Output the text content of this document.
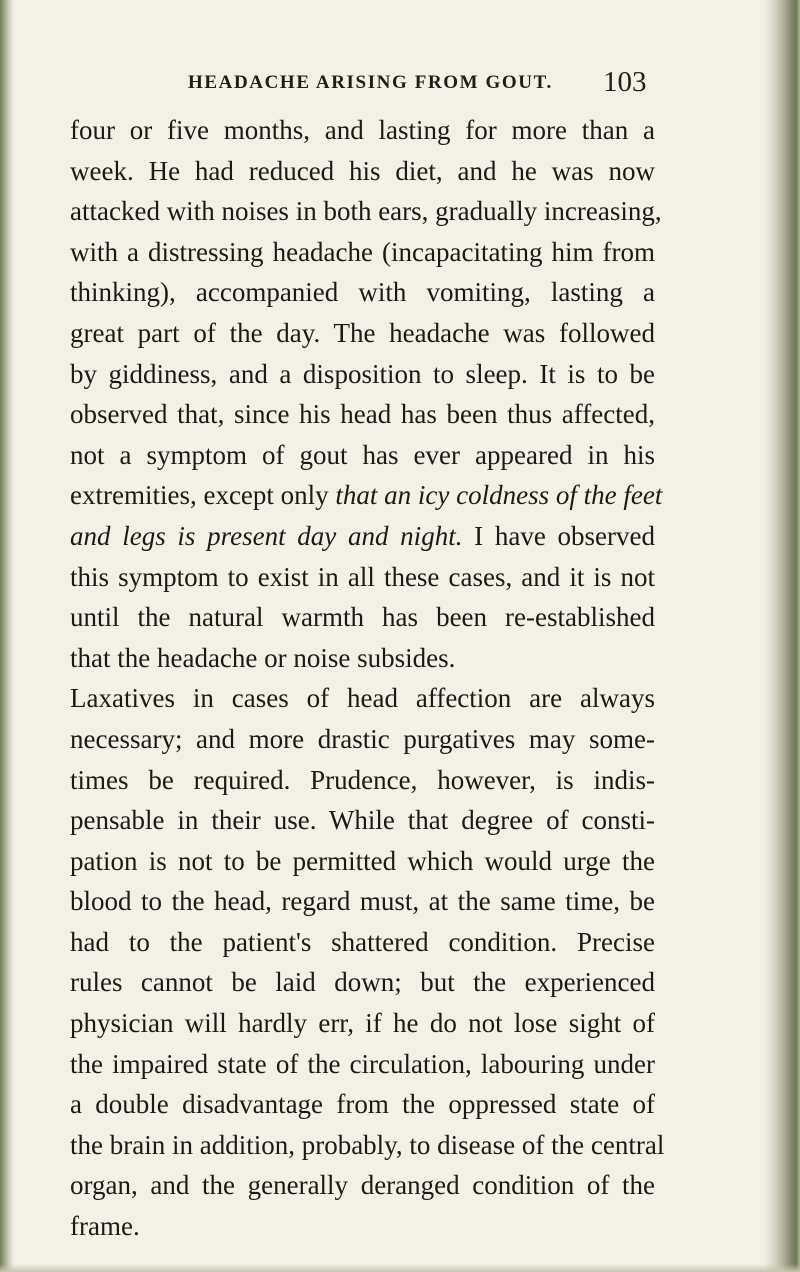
HEADACHE ARISING FROM GOUT. 103
four or five months, and lasting for more than a
week. He had reduced his diet, and he was now
attacked with noises in both ears, gradually increasing,
with a distressing headache (incapacitating him from
thinking), accompanied with vomiting, lasting a
great part of the day. The headache was followed
by giddiness, and a disposition to sleep. It is to be
observed that, since his head has been thus affected,
not a symptom of gout has ever appeared in his
extremities, except only that an icy coldness of the feet
and legs is present day and night. I have observed
this symptom to exist in all these cases, and it is not
until the natural warmth has been re-established
that the headache or noise subsides.
Laxatives in cases of head affection are always
necessary; and more drastic purgatives may some-
times be required. Prudence, however, is indis-
pensable in their use. While that degree of consti-
pation is not to be permitted which would urge the
blood to the head, regard must, at the same time, be
had to the patient's shattered condition. Precise
rules cannot be laid down; but the experienced
physician will hardly err, if he do not lose sight of
the impaired state of the circulation, labouring under
a double disadvantage from the oppressed state of
the brain in addition, probably, to disease of the central
organ, and the generally deranged condition of the
frame.
